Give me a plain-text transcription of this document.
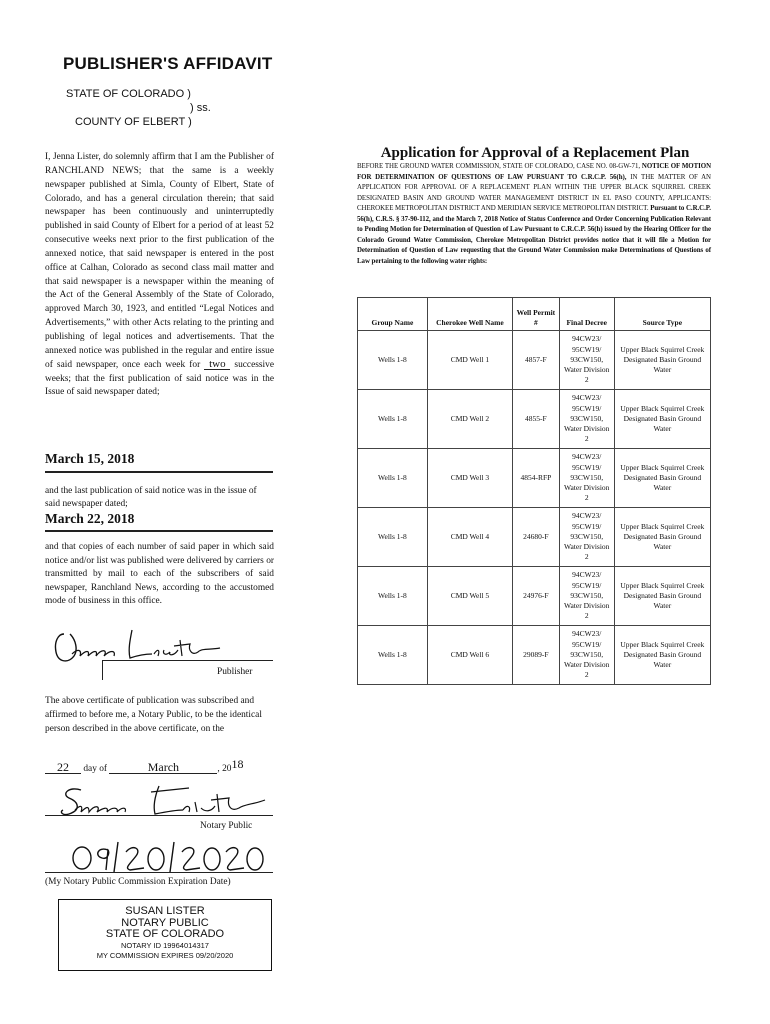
PUBLISHER'S AFFIDAVIT
STATE OF COLORADO )
) ss.
COUNTY OF ELBERT )
I, Jenna Lister, do solemnly affirm that I am the Publisher of RANCHLAND NEWS; that the same is a weekly newspaper published at Simla, County of Elbert, State of Colorado, and has a general circulation therein; that said newspaper has been continuously and uninterruptedly published in said County of Elbert for a period of at least 52 consecutive weeks next prior to the first publication of the annexed notice, that said newspaper is entered in the post office at Calhan, Colorado as second class mail matter and that said newspaper is a newspaper within the meaning of the Act of the General Assembly of the State of Colorado, approved March 30, 1923, and entitled “Legal Notices and Advertisements,” with other Acts relating to the printing and publishing of legal notices and advertisements. That the annexed notice was published in the regular and entire issue of said newspaper, once each week for two successive weeks; that the first publication of said notice was in the Issue of said newspaper dated;
March 15, 2018
and the last publication of said notice was in the issue of said newspaper dated;
March 22, 2018
and that copies of each number of said paper in which said notice and/or list was published were delivered by carriers or transmitted by mail to each of the subscribers of said newspaper, Ranchland News, according to the accustomed mode of business in this office.
Publisher
The above certificate of publication was subscribed and affirmed to before me, a Notary Public, to be the identical person described in the above certificate, on the
22 day of	March	, 2018
Notary Public
(My Notary Public Commission Expiration Date)
SUSAN LISTER
NOTARY PUBLIC
STATE OF COLORADO
NOTARY ID 19964014317
MY COMMISSION EXPIRES 09/20/2020
Application for Approval of a Replacement Plan
BEFORE THE GROUND WATER COMMISSION, STATE OF COLORADO, CASE NO. 08-GW-71, NOTICE OF MOTION FOR DETERMINATION OF QUESTIONS OF LAW PURSUANT TO C.R.C.P. 56(h), IN THE MATTER OF AN APPLICATION FOR APPROVAL OF A REPLACEMENT PLAN WITHIN THE UPPER BLACK SQUIRREL CREEK DESIGNATED BASIN AND GROUND WATER MANAGEMENT DISTRICT IN EL PASO COUNTY, APPLICANTS: CHEROKEE METROPOLITAN DISTRICT AND MERIDIAN SERVICE METROPOLITAN DISTRICT. Pursuant to C.R.C.P. 56(h), C.R.S. § 37-90-112, and the March 7, 2018 Notice of Status Conference and Order Concerning Publication Relevant to Pending Motion for Determination of Question of Law Pursuant to C.R.C.P. 56(h) issued by the Hearing Officer for the Colorado Ground Water Commission, Cherokee Metropolitan District provides notice that it will file a Motion for Determination of Question of Law requesting that the Ground Water Commission make Determinations of Questions of Law pertaining to the following water rights:
Group Name	Cherokee Well Name	Well Permit #	Final Decree	Source Type
Wells 1-8	CMD Well 1	4857-F	94CW23/ 95CW19/ 93CW150, Water Division 2	Upper Black Squirrel Creek Designated Basin Ground Water
Wells 1-8	CMD Well 2	4855-F	94CW23/ 95CW19/ 93CW150, Water Division 2	Upper Black Squirrel Creek Designated Basin Ground Water
Wells 1-8	CMD Well 3	4854-RFP	94CW23/ 95CW19/ 93CW150, Water Division 2	Upper Black Squirrel Creek Designated Basin Ground Water
Wells 1-8	CMD Well 4	24680-F	94CW23/ 95CW19/ 93CW150, Water Division 2	Upper Black Squirrel Creek Designated Basin Ground Water
Wells 1-8	CMD Well 5	24976-F	94CW23/ 95CW19/ 93CW150, Water Division 2	Upper Black Squirrel Creek Designated Basin Ground Water
Wells 1-8	CMD Well 6	29089-F	94CW23/ 95CW19/ 93CW150, Water Division 2	Upper Black Squirrel Creek Designated Basin Ground Water
